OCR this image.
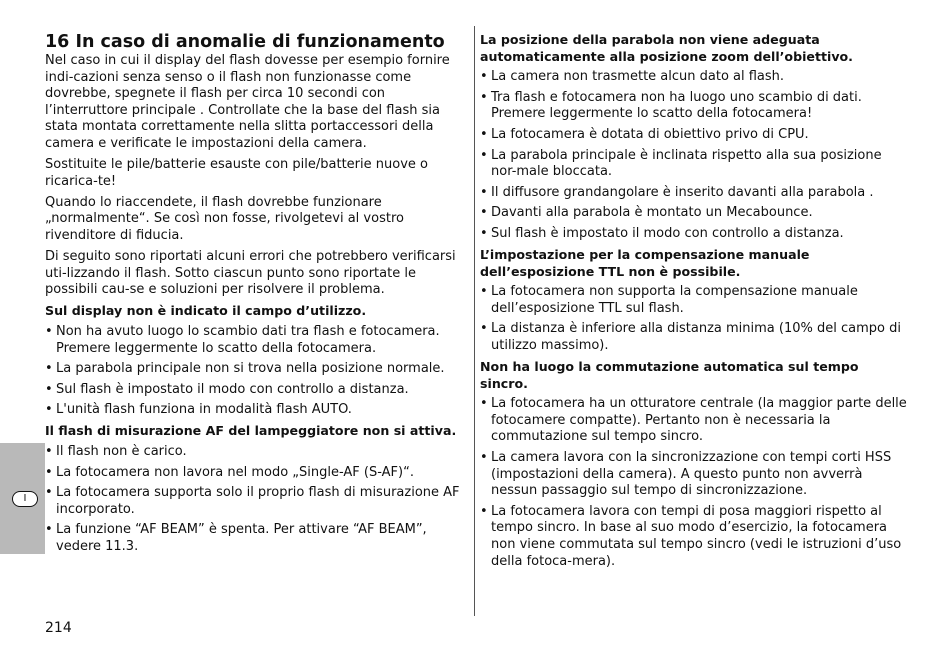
I
16 In caso di anomalie di funzionamento

Nel caso in cui il display del flash dovesse per esempio fornire indi-cazioni senza senso o il flash non funzionasse come dovrebbe, spegnete il flash per circa 10 secondi con l’interruttore principale . Controllate che la base del flash sia stata montata correttamente nella slitta portaccessori della camera e verificate le impostazioni della camera.

Sostituite le pile/batterie esauste con pile/batterie nuove o ricarica-te!

Quando lo riaccendete, il flash dovrebbe funzionare „normalmente“. Se così non fosse, rivolgetevi al vostro rivenditore di fiducia.

Di seguito sono riportati alcuni errori che potrebbero verificarsi uti-lizzando il flash. Sotto ciascun punto sono riportate le possibili cau-se e soluzioni per risolvere il problema.

Sul display non è indicato il campo d’utilizzo.
• Non ha avuto luogo lo scambio dati tra flash e fotocamera. Premere leggermente lo scatto della fotocamera.
• La parabola principale non si trova nella posizione normale.
• Sul flash è impostato il modo con controllo a distanza.
• L'unità flash funziona in modalità flash AUTO.
Il flash di misurazione AF del lampeggiatore non si attiva.
• Il flash non è carico.
• La fotocamera non lavora nel modo „Single-AF (S-AF)“.
• La fotocamera supporta solo il proprio flash di misurazione AF incorporato.
• La funzione “AF BEAM” è spenta. Per attivare “AF BEAM”, vedere 11.3.
La posizione della parabola non viene adeguata automaticamente alla posizione zoom dell’obiettivo.
• La camera non trasmette alcun dato al flash.
• Tra flash e fotocamera non ha luogo uno scambio di dati. Premere leggermente lo scatto della fotocamera!
• La fotocamera è dotata di obiettivo privo di CPU.
• La parabola principale è inclinata rispetto alla sua posizione nor-male bloccata.
• Il diffusore grandangolare è inserito davanti alla parabola .
• Davanti alla parabola è montato un Mecabounce.
• Sul flash è impostato il modo con controllo a distanza.
L’impostazione per la compensazione manuale dell’esposizione TTL non è possibile.
• La fotocamera non supporta la compensazione manuale dell’esposizione TTL sul flash.
• La distanza è inferiore alla distanza minima (10% del campo di utilizzo massimo).
Non ha luogo la commutazione automatica sul tempo sincro.
• La fotocamera ha un otturatore centrale (la maggior parte delle fotocamere compatte). Pertanto non è necessaria la commutazione sul tempo sincro.
• La camera lavora con la sincronizzazione con tempi corti HSS (impostazioni della camera). A questo punto non avverrà nessun passaggio sul tempo di sincronizzazione.
• La fotocamera lavora con tempi di posa maggiori rispetto al tempo sincro. In base al suo modo d’esercizio, la fotocamera non viene commutata sul tempo sincro (vedi le istruzioni d’uso della fotoca-mera).
214
